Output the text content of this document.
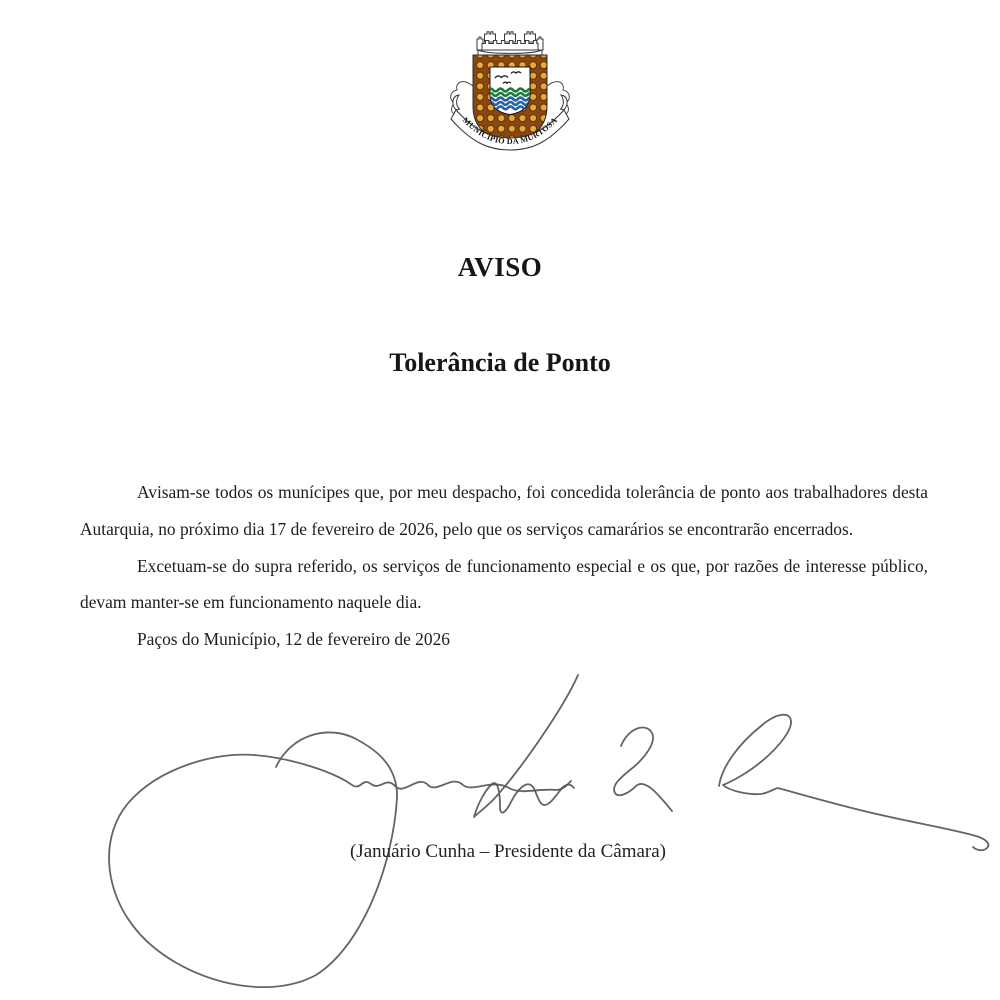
MUNICÍPIO DA MURTOSA
AVISO
Tolerância de Ponto

Avisam-se todos os munícipes que, por meu despacho, foi concedida tolerância de ponto aos trabalhadores desta Autarquia, no próximo dia 17 de fevereiro de 2026, pelo que os serviços camarários se encontrarão encerrados.

Excetuam-se do supra referido, os serviços de funcionamento especial e os que, por razões de interesse público, devam manter-se em funcionamento naquele dia.

Paços do Município, 12 de fevereiro de 2026

(Januário Cunha – Presidente da Câmara)
